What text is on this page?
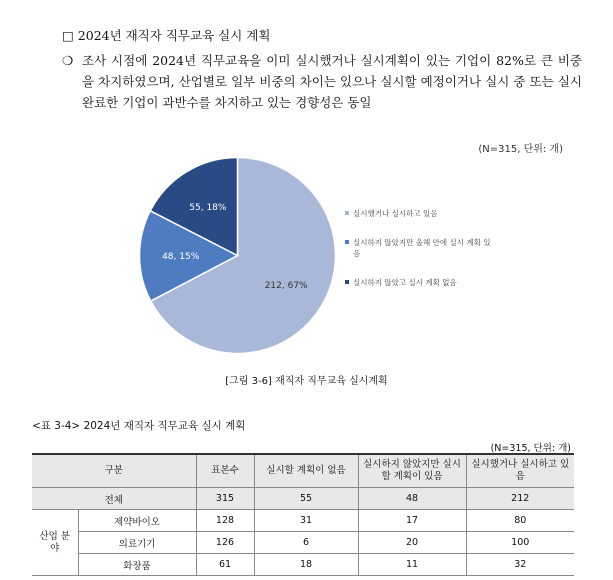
□ 2024년 재직자 직무교육 실시 계획
❍ 조사 시점에 2024년 직무교육을 이미 실시했거나 실시계획이 있는 기업이 82%로 큰 비중을 차지하였으며, 산업별로 일부 비중의 차이는 있으나 실시할 예정이거나 실시 중 또는 실시 완료한 기업이 과반수를 차지하고 있는 경향성은 동일
(N=315, 단위: 개)
212, 67%
48, 15%
55, 18%
실시했거나 실시하고 있음
실시하지 않았지만 올해 안에 실시 계획 있음
실시하지 않았고 실시 계획 없음
[그림 3-6] 재직자 직무교육 실시계획
<표 3-4> 2024년 재직자 직무교육 실시 계획
(N=315, 단위: 개)
구분		표본수	실시할 계획이 없음	실시하지 않았지만 실시할 계획이 있음	실시했거나 실시하고 있음
전체		315	55	48	212
산업 분야	제약바이오	128	31	17	80
	의료기기	126	6	20	100
	화장품	61	18	11	32
